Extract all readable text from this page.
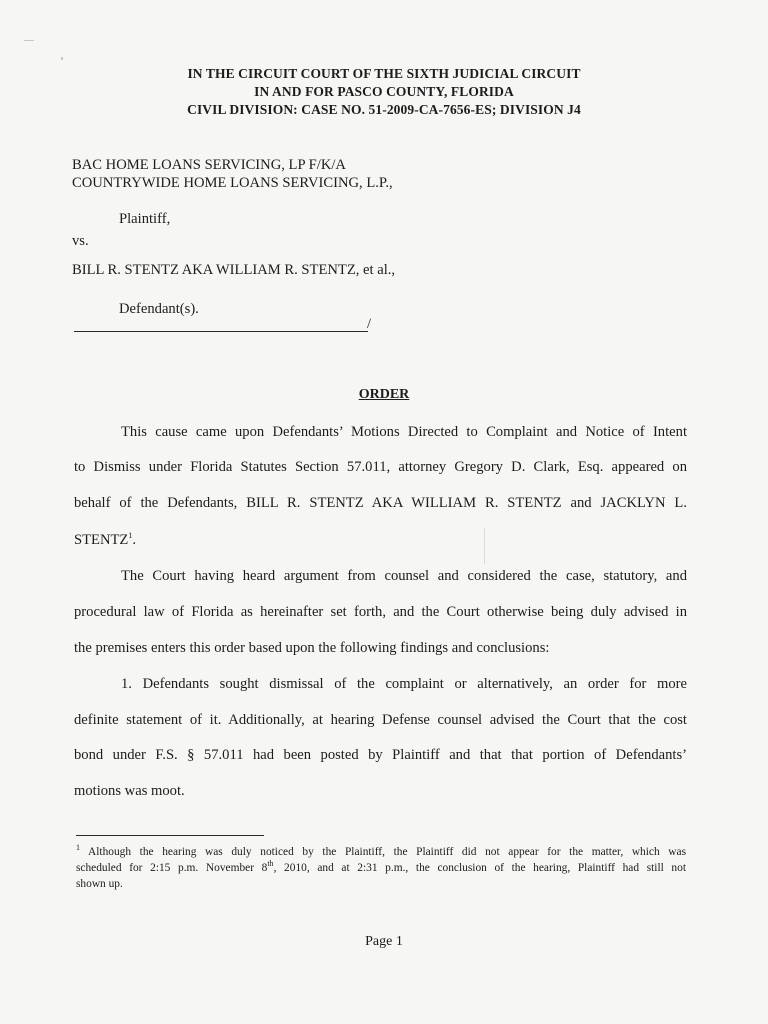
IN THE CIRCUIT COURT OF THE SIXTH JUDICIAL CIRCUIT
IN AND FOR PASCO COUNTY, FLORIDA
CIVIL DIVISION: CASE NO. 51-2009-CA-7656-ES; DIVISION J4
BAC HOME LOANS SERVICING, LP F/K/A
COUNTRYWIDE HOME LOANS SERVICING, L.P.,
Plaintiff,
vs.
BILL R. STENTZ AKA WILLIAM R. STENTZ, et al.,
Defendant(s).
/
ORDER
This cause came upon Defendants’ Motions Directed to Complaint and Notice of Intent
to Dismiss under Florida Statutes Section 57.011, attorney Gregory D. Clark, Esq. appeared on
behalf of the Defendants, BILL R. STENTZ AKA WILLIAM R. STENTZ and JACKLYN L.
STENTZ$^1$.
The Court having heard argument from counsel and considered the case, statutory, and
procedural law of Florida as hereinafter set forth, and the Court otherwise being duly advised in
the premises enters this order based upon the following findings and conclusions:
1. Defendants sought dismissal of the complaint or alternatively, an order for more
definite statement of it. Additionally, at hearing Defense counsel advised the Court that the cost
bond under F.S. § 57.011 had been posted by Plaintiff and that that portion of Defendants’
motions was moot.
$^1$ Although the hearing was duly noticed by the Plaintiff, the Plaintiff did not appear for the matter, which was
scheduled for 2:15 p.m. November 8th, 2010, and at 2:31 p.m., the conclusion of the hearing, Plaintiff had still not
shown up.
Page 1
